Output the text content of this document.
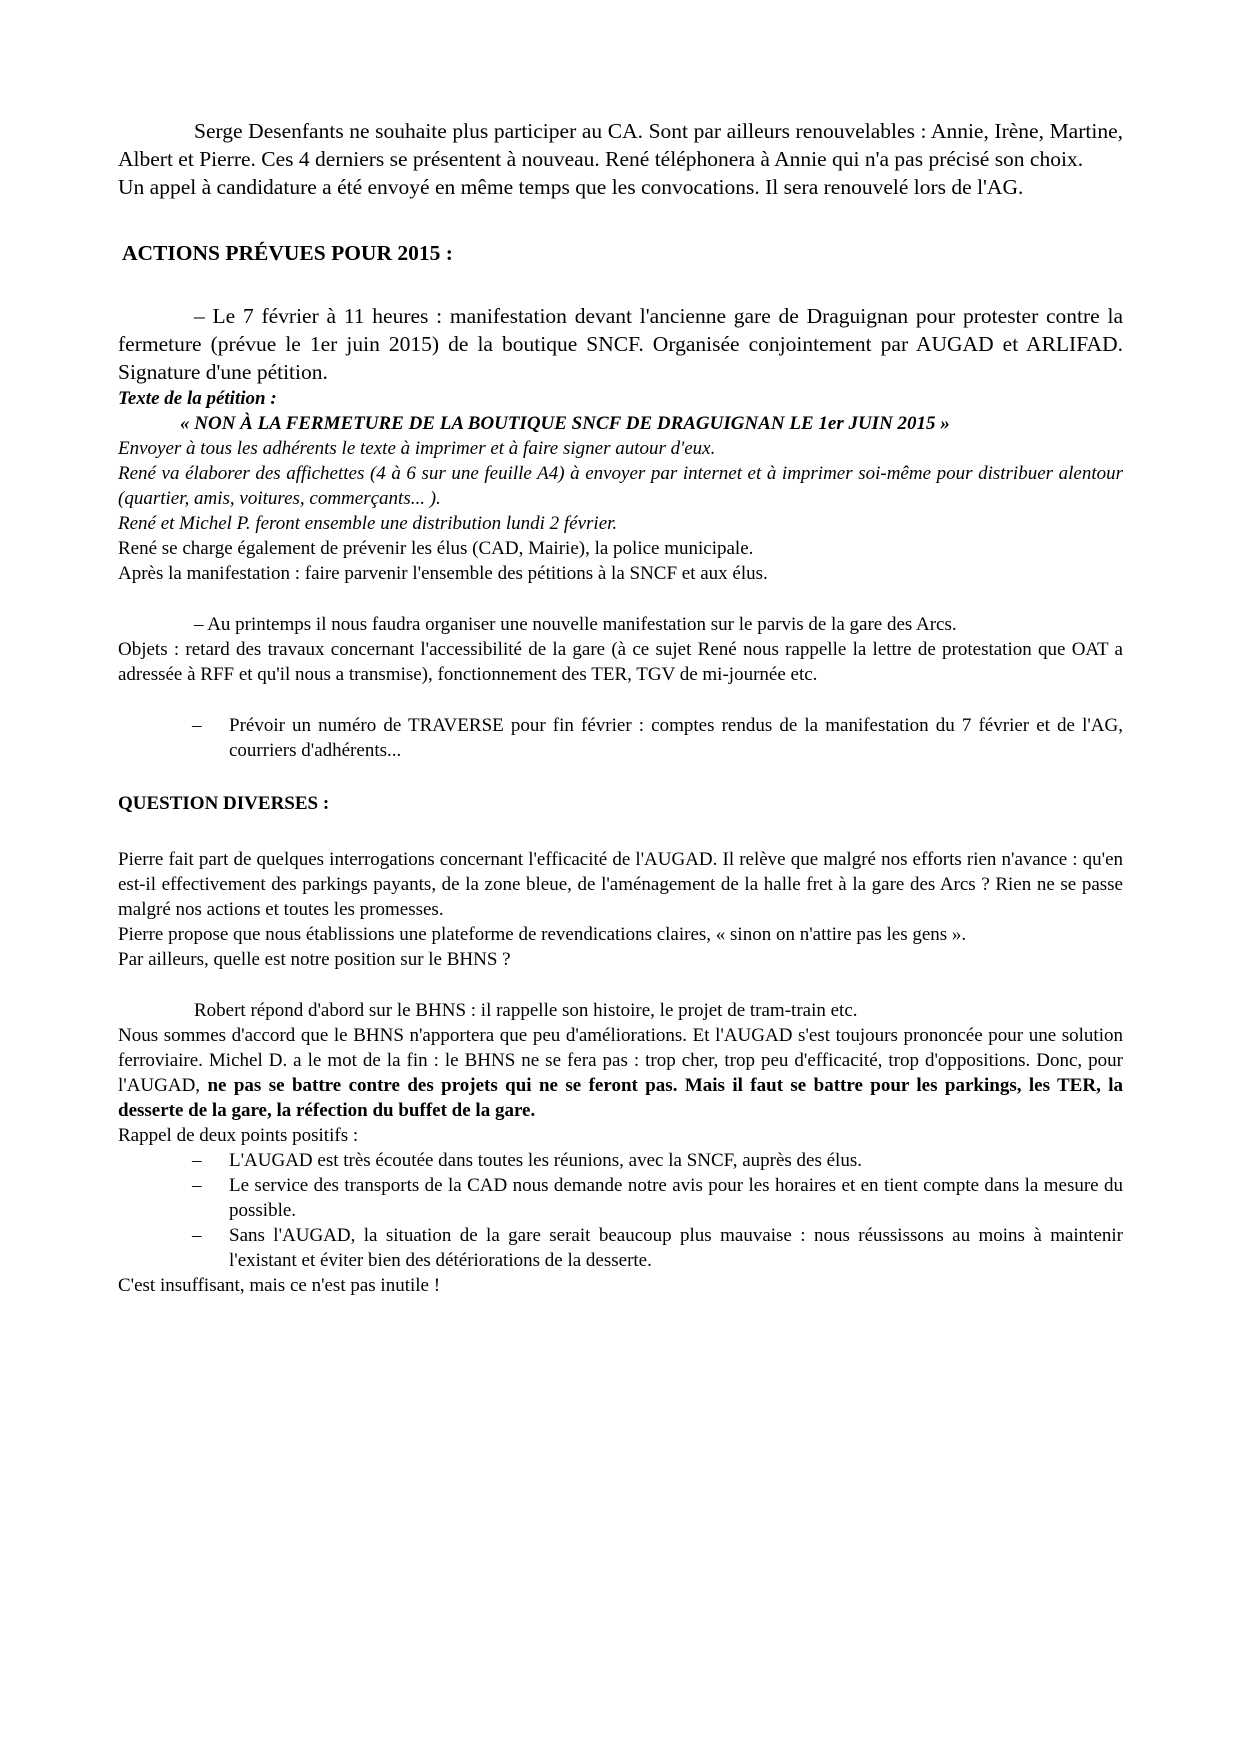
Serge Desenfants ne souhaite plus participer au CA. Sont par ailleurs renouvelables : Annie, Irène, Martine, Albert et Pierre. Ces 4 derniers se présentent à nouveau. René téléphonera à Annie qui n'a pas précisé son choix.

Un appel à candidature a été envoyé en même temps que les convocations. Il sera renouvelé lors de l'AG.

ACTIONS PRÉVUES POUR 2015 :

– Le 7 février à 11 heures : manifestation devant l'ancienne gare de Draguignan pour protester contre la fermeture (prévue le 1er juin 2015) de la boutique SNCF. Organisée conjointement par AUGAD et ARLIFAD. Signature d'une pétition.

Texte de la pétition :

« NON À LA FERMETURE DE LA BOUTIQUE SNCF DE DRAGUIGNAN LE 1er JUIN 2015 »

Envoyer à tous les adhérents le texte à imprimer et à faire signer autour d'eux.

René va élaborer des affichettes (4 à 6 sur une feuille A4) à envoyer par internet et à imprimer soi-même pour distribuer alentour (quartier, amis, voitures, commerçants... ).

René et Michel P. feront ensemble une distribution lundi 2 février.

René se charge également de prévenir les élus (CAD, Mairie), la police municipale.

Après la manifestation : faire parvenir l'ensemble des pétitions à la SNCF et aux élus.

– Au printemps il nous faudra organiser une nouvelle manifestation sur le parvis de la gare des Arcs.

Objets : retard des travaux concernant l'accessibilité de la gare (à ce sujet René nous rappelle la lettre de protestation que OAT a adressée à RFF et qu'il nous a transmise), fonctionnement des TER, TGV de mi-journée etc.

– Prévoir un numéro de TRAVERSE pour fin février : comptes rendus de la manifestation du 7 février et de l'AG, courriers d'adhérents...
QUESTION DIVERSES :

Pierre fait part de quelques interrogations concernant l'efficacité de l'AUGAD. Il relève que malgré nos efforts rien n'avance : qu'en est-il effectivement des parkings payants, de la zone bleue, de l'aménagement de la halle fret à la gare des Arcs ? Rien ne se passe malgré nos actions et toutes les promesses.

Pierre propose que nous établissions une plateforme de revendications claires, « sinon on n'attire pas les gens ».

Par ailleurs, quelle est notre position sur le BHNS ?

Robert répond d'abord sur le BHNS : il rappelle son histoire, le projet de tram-train etc.

Nous sommes d'accord que le BHNS n'apportera que peu d'améliorations. Et l'AUGAD s'est toujours prononcée pour une solution ferroviaire. Michel D. a le mot de la fin : le BHNS ne se fera pas : trop cher, trop peu d'efficacité, trop d'oppositions. Donc, pour l'AUGAD, ne pas se battre contre des projets qui ne se feront pas. Mais il faut se battre pour les parkings, les TER, la desserte de la gare, la réfection du buffet de la gare.

Rappel de deux points positifs :

– L'AUGAD est très écoutée dans toutes les réunions, avec la SNCF, auprès des élus.
– Le service des transports de la CAD nous demande notre avis pour les horaires et en tient compte dans la mesure du possible.
– Sans l'AUGAD, la situation de la gare serait beaucoup plus mauvaise : nous réussissons au moins à maintenir l'existant et éviter bien des détériorations de la desserte.

C'est insuffisant, mais ce n'est pas inutile !
